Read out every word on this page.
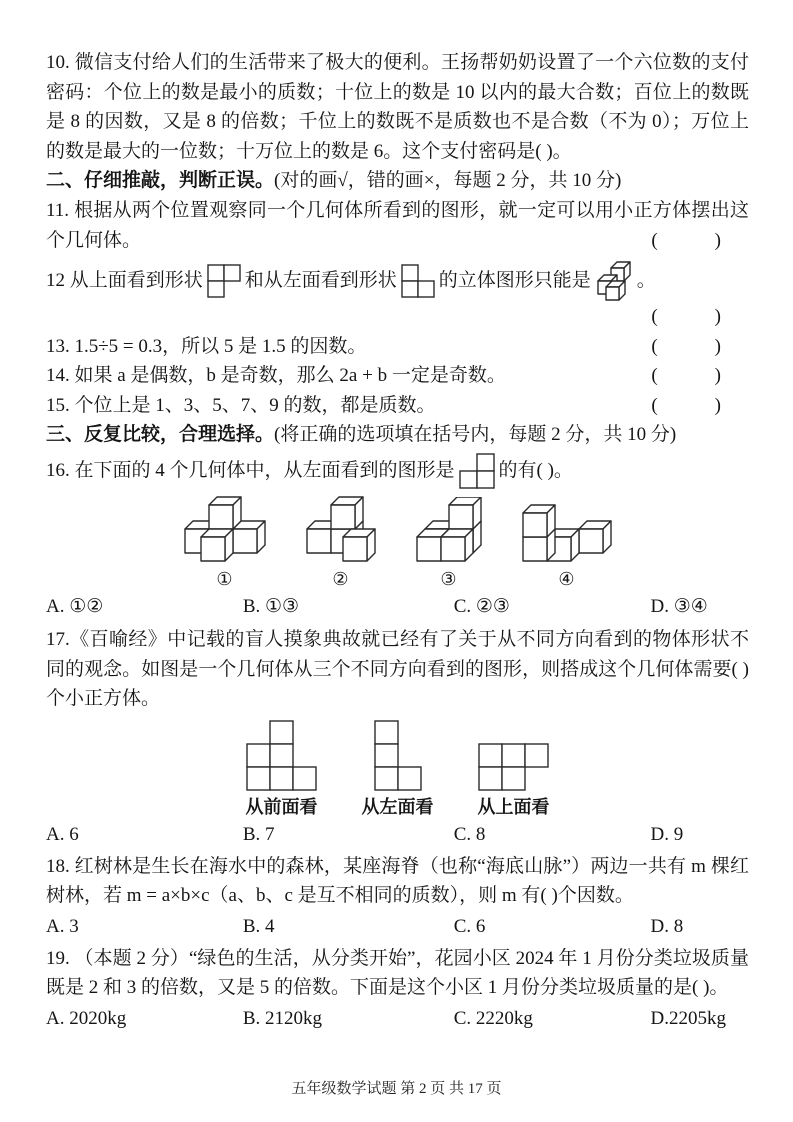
10. 微信支付给人们的生活带来了极大的便利。王扬帮奶奶设置了一个六位数的支付密码：个位上的数是最小的质数；十位上的数是 10 以内的最大合数；百位上的数既是 8 的因数，又是 8 的倍数；千位上的数既不是质数也不是合数（不为 0）；万位上的数是最大的一位数；十万位上的数是 6。这个支付密码是( )。

二、仔细推敲，判断正误。(对的画√，错的画×，每题 2 分，共 10 分)

11. 根据从两个位置观察同一个几何体所看到的图形，就一定可以用小正方体摆出这个几何体。	(　　　)

12 从上面看到形状 和从左面看到形状 的立体图形只能是 。
(　　　)
13. 1.5÷5 = 0.3，所以 5 是 1.5 的因数。	(　　　)
14. 如果 a 是偶数，b 是奇数，那么 2a + b 一定是奇数。	(　　　)
15. 个位上是 1、3、5、7、9 的数，都是质数。	(　　　)

三、反复比较，合理选择。(将正确的选项填在括号内，每题 2 分，共 10 分)

16. 在下面的 4 个几何体中，从左面看到的图形是 的有( )。
①	②	③	④
A. ①②	B. ①③	C. ②③	D. ③④

17.《百喻经》中记载的盲人摸象典故就已经有了关于从不同方向看到的物体形状不同的观念。如图是一个几何体从三个不同方向看到的图形，则搭成这个几何体需要( )个小正方体。

从前面看 从左面看 从上面看
A. 6	B. 7	C. 8	D. 9

18. 红树林是生长在海水中的森林，某座海脊（也称“海底山脉”）两边一共有 m 棵红树林，若 m = a×b×c（a、b、c 是互不相同的质数），则 m 有( )个因数。

A. 3	B. 4	C. 6	D. 8

19. （本题 2 分）“绿色的生活，从分类开始”，花园小区 2024 年 1 月份分类垃圾质量既是 2 和 3 的倍数，又是 5 的倍数。下面是这个小区 1 月份分类垃圾质量的是( )。

A. 2020kg	B. 2120kg	C. 2220kg	D.2205kg
五年级数学试题 第 2 页 共 17 页
